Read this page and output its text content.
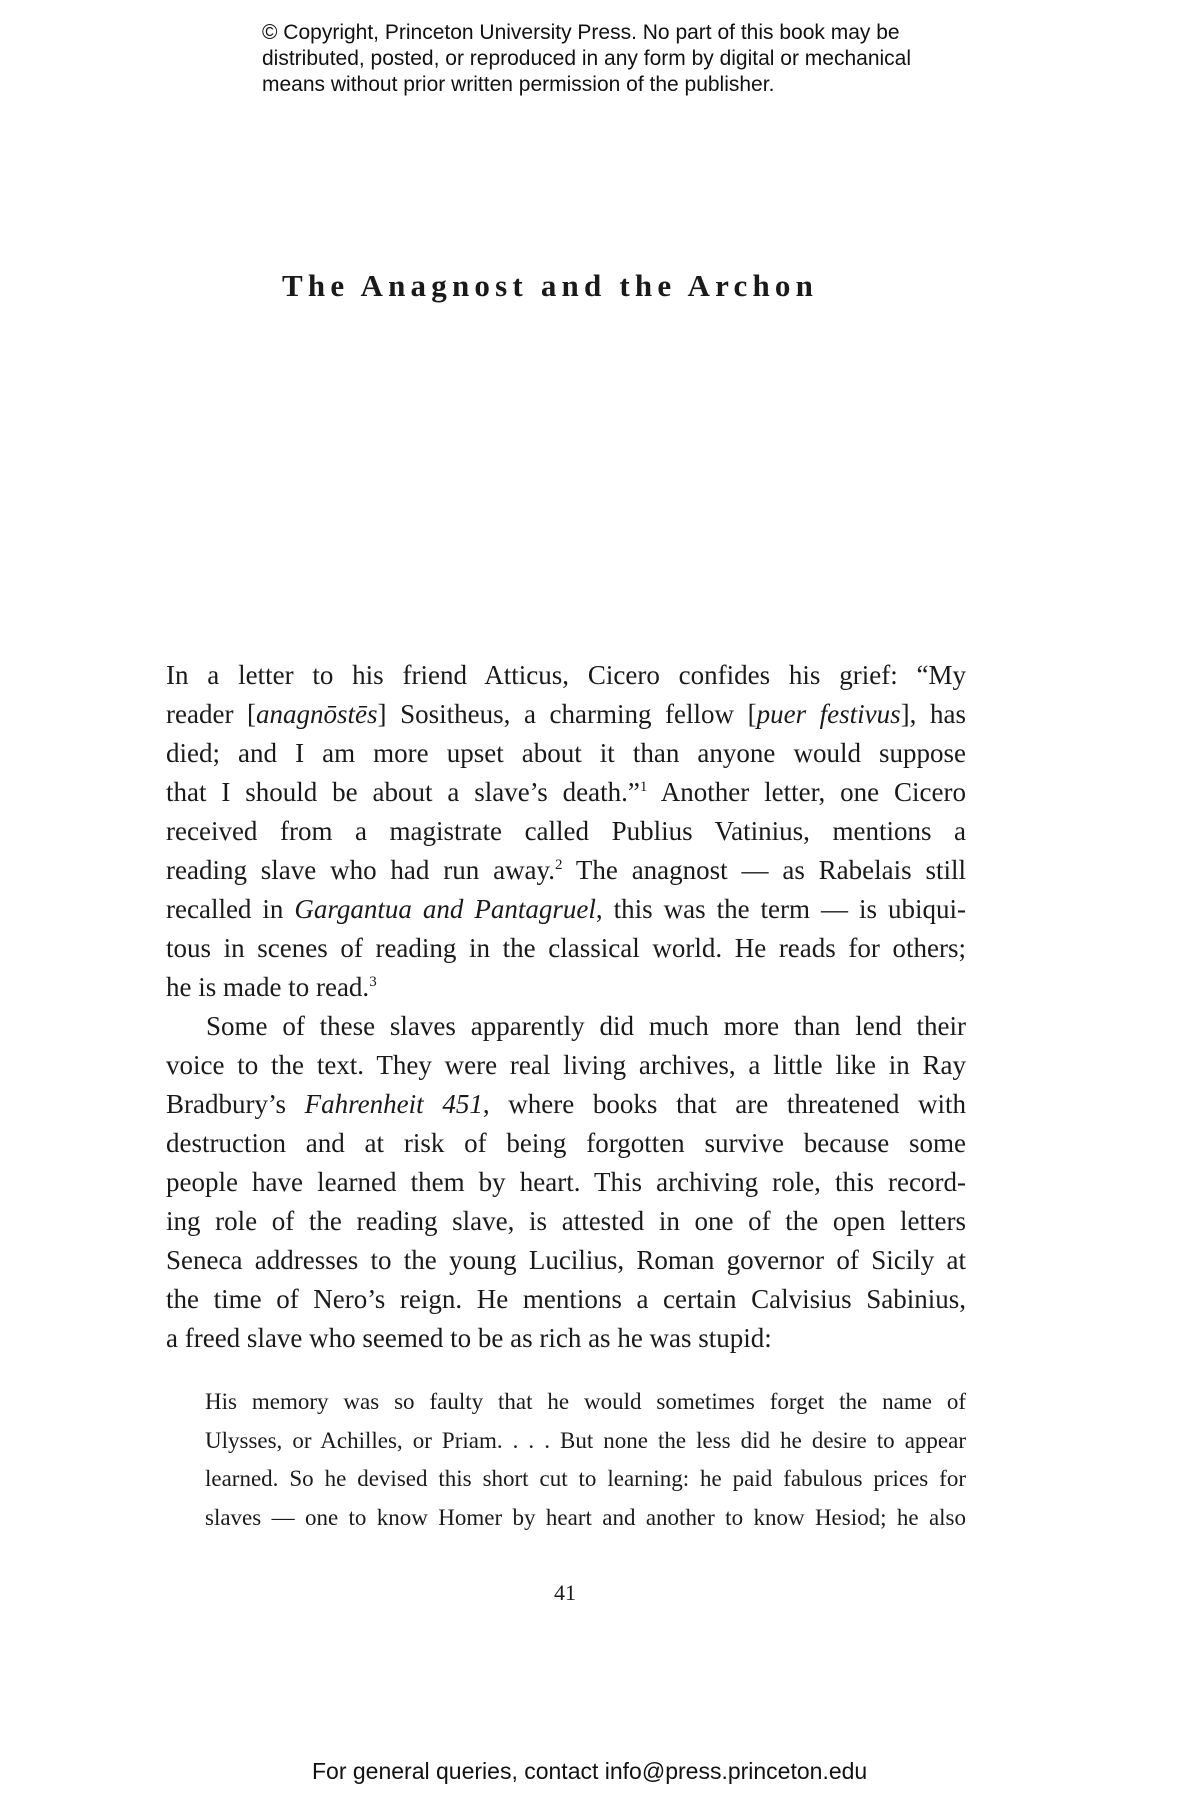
© Copyright, Princeton University Press. No part of this book may be
distributed, posted, or reproduced in any form by digital or mechanical
means without prior written permission of the publisher.
The Anagnost and the Archon
In a letter to his friend Atticus, Cicero confides his grief: “My
reader [anagnōstēs] Sositheus, a charming fellow [puer festivus], has
died; and I am more upset about it than anyone would suppose
that I should be about a slave’s death.”$^1$ Another letter, one Cicero
received from a magistrate called Publius Vatinius, mentions a
reading slave who had run away.$^2$ The anagnost — as Rabelais still
recalled in Gargantua and Pantagruel, this was the term — is ubiqui-
tous in scenes of reading in the classical world. He reads for others;
he is made to read.$^3$
Some of these slaves apparently did much more than lend their
voice to the text. They were real living archives, a little like in Ray
Bradbury’s Fahrenheit 451, where books that are threatened with
destruction and at risk of being forgotten survive because some
people have learned them by heart. This archiving role, this record-
ing role of the reading slave, is attested in one of the open letters
Seneca addresses to the young Lucilius, Roman governor of Sicily at
the time of Nero’s reign. He mentions a certain Calvisius Sabinius,
a freed slave who seemed to be as rich as he was stupid:
His memory was so faulty that he would sometimes forget the name of
Ulysses, or Achilles, or Priam. . . . But none the less did he desire to appear
learned. So he devised this short cut to learning: he paid fabulous prices for
slaves — one to know Homer by heart and another to know Hesiod; he also
41
For general queries, contact info@press.princeton.edu
